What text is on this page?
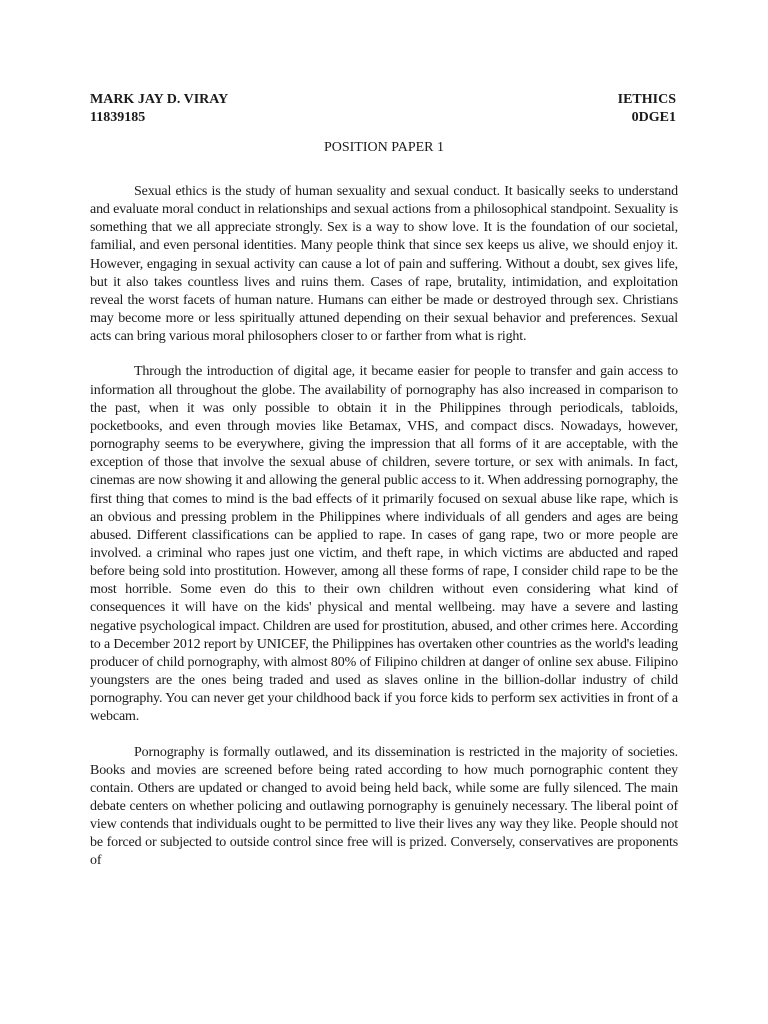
MARK JAY D. VIRAY	IETHICS
11839185	0DGE1
POSITION PAPER 1

Sexual ethics is the study of human sexuality and sexual conduct. It basically seeks to understand and evaluate moral conduct in relationships and sexual actions from a philosophical standpoint. Sexuality is something that we all appreciate strongly. Sex is a way to show love. It is the foundation of our societal, familial, and even personal identities. Many people think that since sex keeps us alive, we should enjoy it. However, engaging in sexual activity can cause a lot of pain and suffering. Without a doubt, sex gives life, but it also takes countless lives and ruins them. Cases of rape, brutality, intimidation, and exploitation reveal the worst facets of human nature. Humans can either be made or destroyed through sex. Christians may become more or less spiritually attuned depending on their sexual behavior and preferences. Sexual acts can bring various moral philosophers closer to or farther from what is right.

Through the introduction of digital age, it became easier for people to transfer and gain access to information all throughout the globe. The availability of pornography has also increased in comparison to the past, when it was only possible to obtain it in the Philippines through periodicals, tabloids, pocketbooks, and even through movies like Betamax, VHS, and compact discs. Nowadays, however, pornography seems to be everywhere, giving the impression that all forms of it are acceptable, with the exception of those that involve the sexual abuse of children, severe torture, or sex with animals. In fact, cinemas are now showing it and allowing the general public access to it. When addressing pornography, the first thing that comes to mind is the bad effects of it primarily focused on sexual abuse like rape, which is an obvious and pressing problem in the Philippines where individuals of all genders and ages are being abused. Different classifications can be applied to rape. In cases of gang rape, two or more people are involved. a criminal who rapes just one victim, and theft rape, in which victims are abducted and raped before being sold into prostitution. However, among all these forms of rape, I consider child rape to be the most horrible. Some even do this to their own children without even considering what kind of consequences it will have on the kids' physical and mental wellbeing. may have a severe and lasting negative psychological impact. Children are used for prostitution, abused, and other crimes here. According to a December 2012 report by UNICEF, the Philippines has overtaken other countries as the world's leading producer of child pornography, with almost 80% of Filipino children at danger of online sex abuse. Filipino youngsters are the ones being traded and used as slaves online in the billion-dollar industry of child pornography. You can never get your childhood back if you force kids to perform sex activities in front of a webcam.

Pornography is formally outlawed, and its dissemination is restricted in the majority of societies. Books and movies are screened before being rated according to how much pornographic content they contain. Others are updated or changed to avoid being held back, while some are fully silenced. The main debate centers on whether policing and outlawing pornography is genuinely necessary. The liberal point of view contends that individuals ought to be permitted to live their lives any way they like. People should not be forced or subjected to outside control since free will is prized. Conversely, conservatives are proponents of
